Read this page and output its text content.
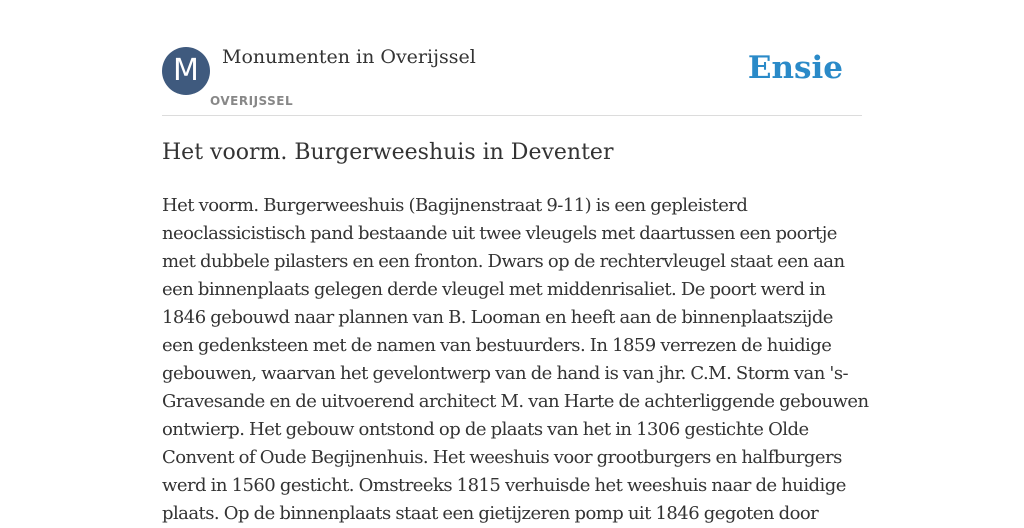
M	Monumenten in Overijssel
OVERIJSSEL
Ensie
Het voorm. Burgerweeshuis in Deventer
Het voorm. Burgerweeshuis (Bagijnenstraat 9-11) is een gepleisterd
neoclassicistisch pand bestaande uit twee vleugels met daartussen een poortje
met dubbele pilasters en een fronton. Dwars op de rechtervleugel staat een aan
een binnenplaats gelegen derde vleugel met middenrisaliet. De poort werd in
1846 gebouwd naar plannen van B. Looman en heeft aan de binnenplaatszijde
een gedenksteen met de namen van bestuurders. In 1859 verrezen de huidige
gebouwen, waarvan het gevelontwerp van de hand is van jhr. C.M. Storm van 's-
Gravesande en de uitvoerend architect M. van Harte de achterliggende gebouwen
ontwierp. Het gebouw ontstond op de plaats van het in 1306 gestichte Olde
Convent of Oude Begijnenhuis. Het weeshuis voor grootburgers en halfburgers
werd in 1560 gesticht. Omstreeks 1815 verhuisde het weeshuis naar de huidige
plaats. Op de binnenplaats staat een gietijzeren pomp uit 1846 gegoten door
